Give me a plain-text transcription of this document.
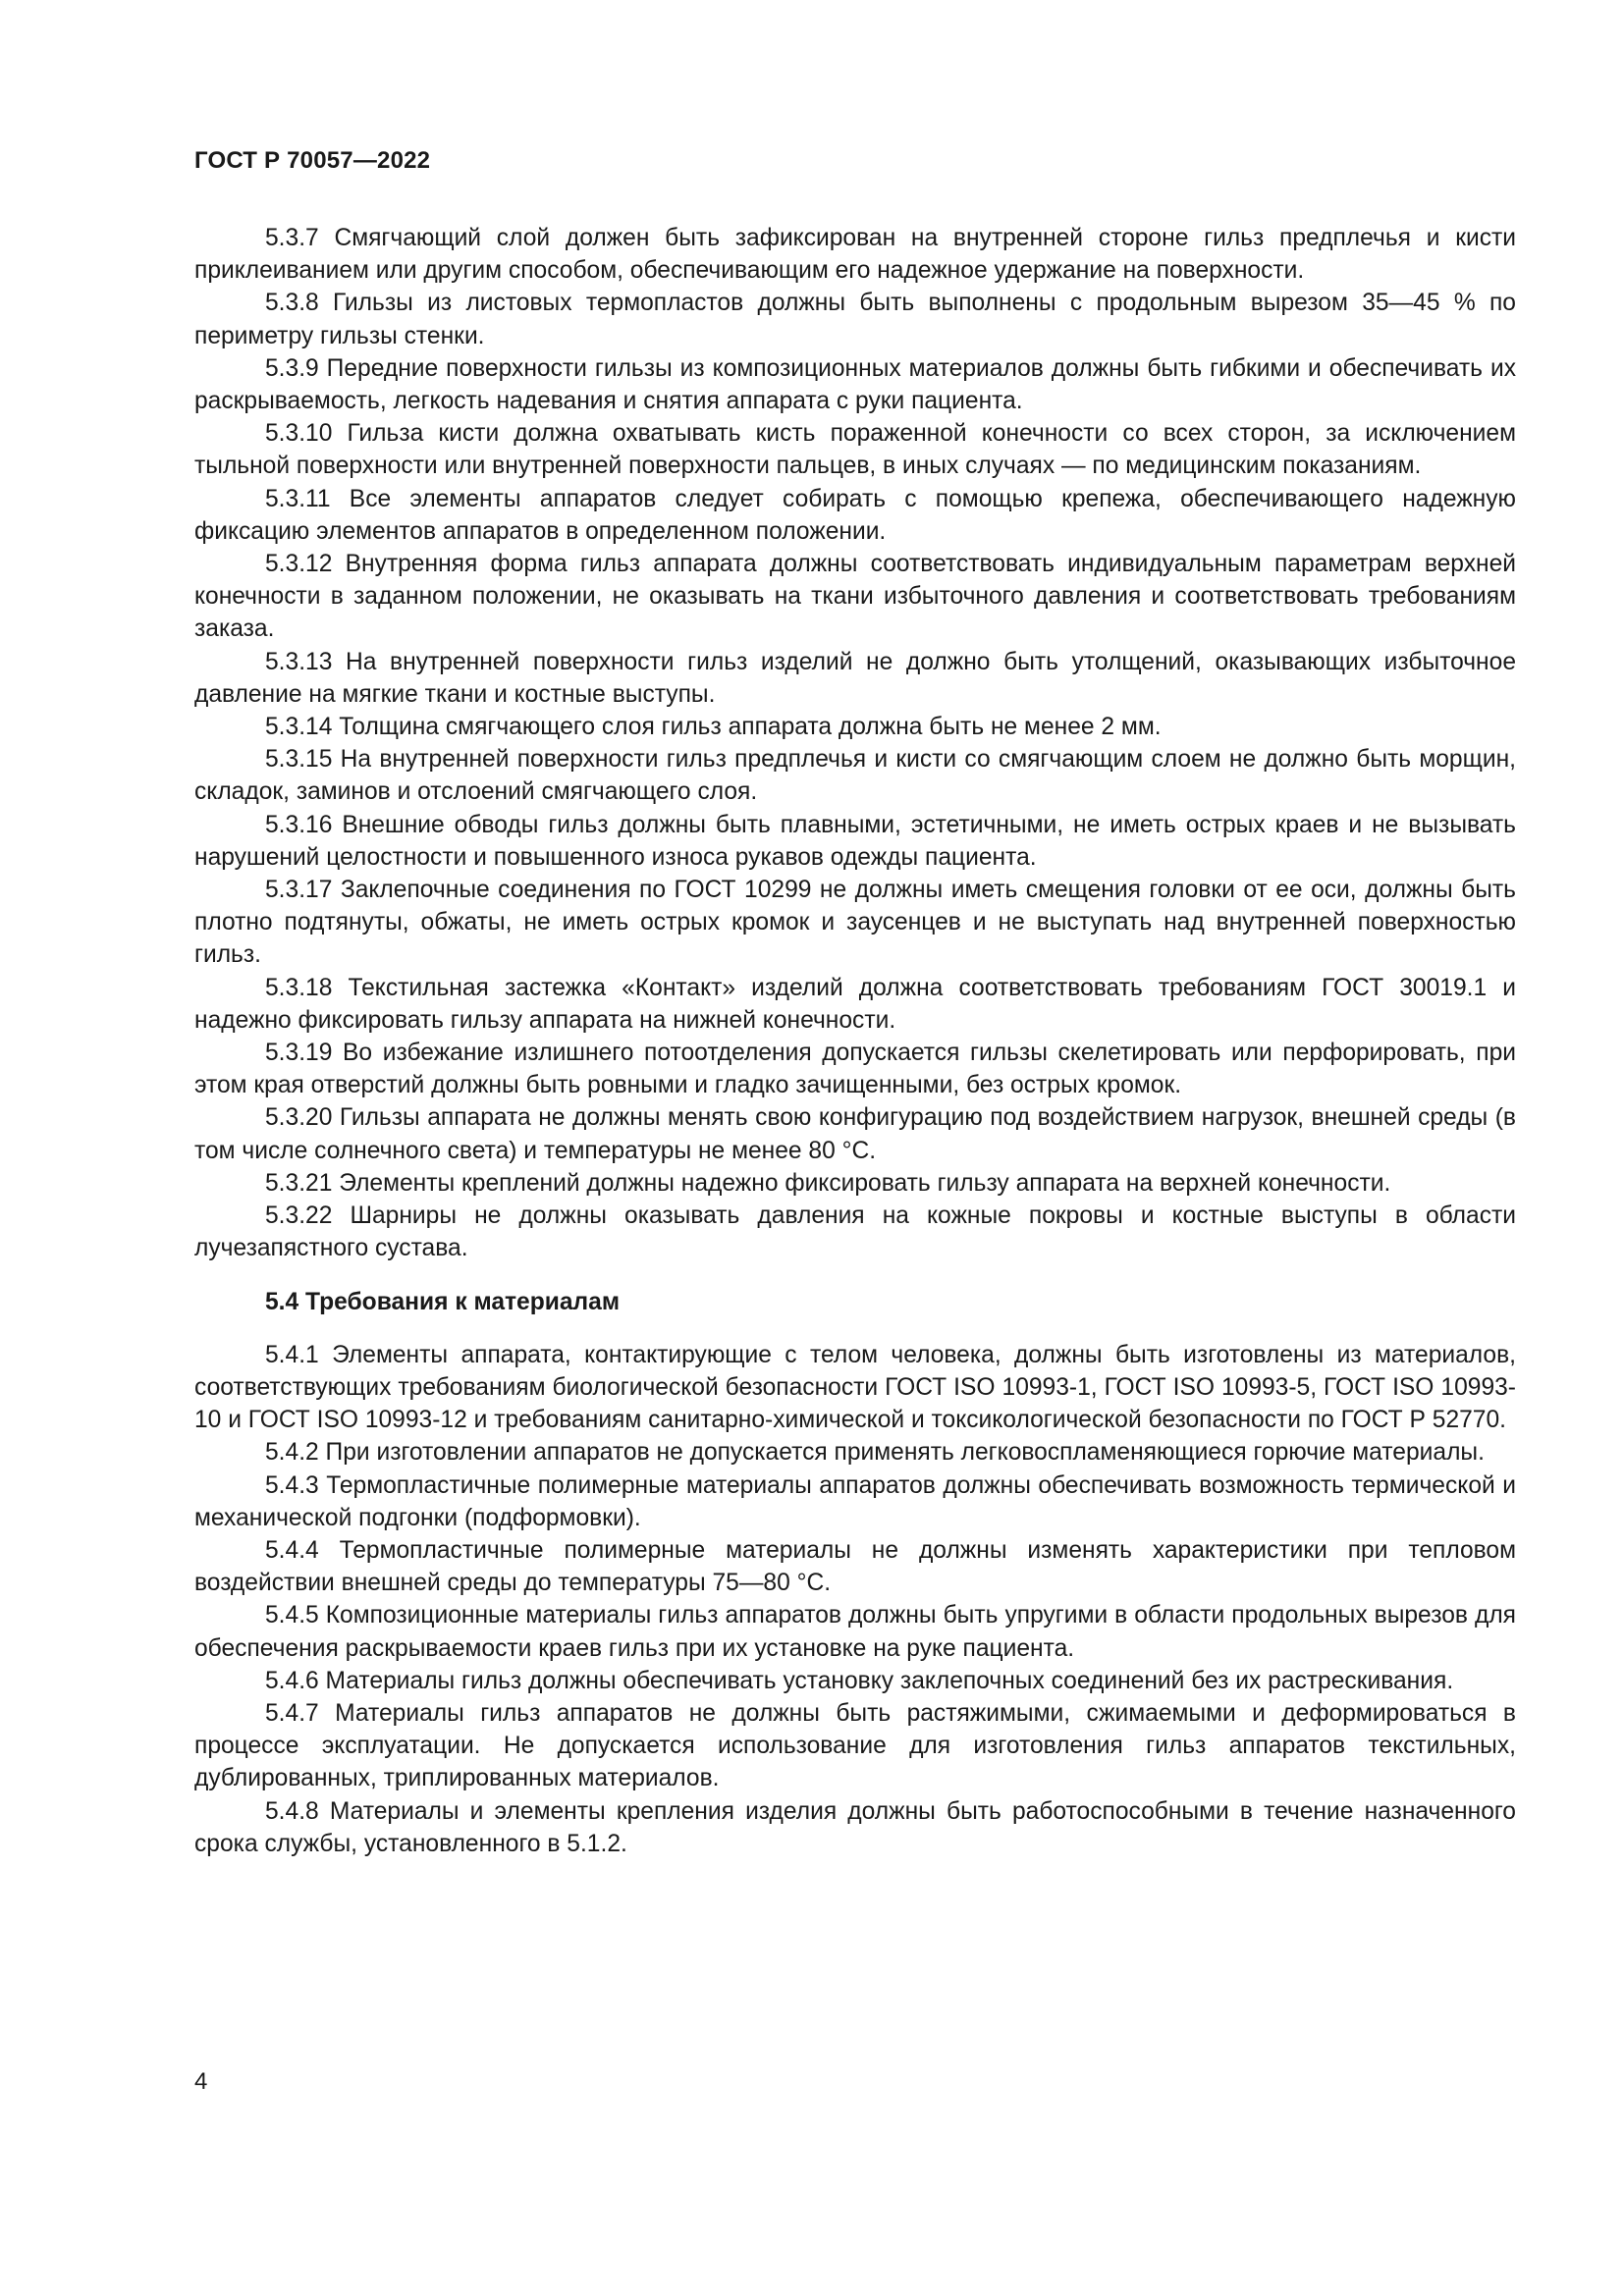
ГОСТ Р 70057—2022

5.3.7 Смягчающий слой должен быть зафиксирован на внутренней стороне гильз предплечья и кисти приклеиванием или другим способом, обеспечивающим его надежное удержание на поверхности.

5.3.8 Гильзы из листовых термопластов должны быть выполнены с продольным вырезом 35—45 % по периметру гильзы стенки.

5.3.9 Передние поверхности гильзы из композиционных материалов должны быть гибкими и обеспечивать их раскрываемость, легкость надевания и снятия аппарата с руки пациента.

5.3.10 Гильза кисти должна охватывать кисть пораженной конечности со всех сторон, за исключением тыльной поверхности или внутренней поверхности пальцев, в иных случаях — по медицинским показаниям.

5.3.11 Все элементы аппаратов следует собирать с помощью крепежа, обеспечивающего надежную фиксацию элементов аппаратов в определенном положении.

5.3.12 Внутренняя форма гильз аппарата должны соответствовать индивидуальным параметрам верхней конечности в заданном положении, не оказывать на ткани избыточного давления и соответствовать требованиям заказа.

5.3.13 На внутренней поверхности гильз изделий не должно быть утолщений, оказывающих избыточное давление на мягкие ткани и костные выступы.

5.3.14 Толщина смягчающего слоя гильз аппарата должна быть не менее 2 мм.

5.3.15 На внутренней поверхности гильз предплечья и кисти со смягчающим слоем не должно быть морщин, складок, заминов и отслоений смягчающего слоя.

5.3.16 Внешние обводы гильз должны быть плавными, эстетичными, не иметь острых краев и не вызывать нарушений целостности и повышенного износа рукавов одежды пациента.

5.3.17 Заклепочные соединения по ГОСТ 10299 не должны иметь смещения головки от ее оси, должны быть плотно подтянуты, обжаты, не иметь острых кромок и заусенцев и не выступать над внутренней поверхностью гильз.

5.3.18 Текстильная застежка «Контакт» изделий должна соответствовать требованиям ГОСТ 30019.1 и надежно фиксировать гильзу аппарата на нижней конечности.

5.3.19 Во избежание излишнего потоотделения допускается гильзы скелетировать или перфорировать, при этом края отверстий должны быть ровными и гладко зачищенными, без острых кромок.

5.3.20 Гильзы аппарата не должны менять свою конфигурацию под воздействием нагрузок, внешней среды (в том числе солнечного света) и температуры не менее 80 °С.

5.3.21 Элементы креплений должны надежно фиксировать гильзу аппарата на верхней конечности.

5.3.22 Шарниры не должны оказывать давления на кожные покровы и костные выступы в области лучезапястного сустава.

5.4 Требования к материалам

5.4.1 Элементы аппарата, контактирующие с телом человека, должны быть изготовлены из материалов, соответствующих требованиям биологической безопасности ГОСТ ISO 10993-1, ГОСТ ISO 10993-5, ГОСТ ISO 10993-10 и ГОСТ ISO 10993-12 и требованиям санитарно-химической и токсикологической безопасности по ГОСТ Р 52770.

5.4.2 При изготовлении аппаратов не допускается применять легковоспламеняющиеся горючие материалы.

5.4.3 Термопластичные полимерные материалы аппаратов должны обеспечивать возможность термической и механической подгонки (подформовки).

5.4.4 Термопластичные полимерные материалы не должны изменять характеристики при тепловом воздействии внешней среды до температуры 75—80 °С.

5.4.5 Композиционные материалы гильз аппаратов должны быть упругими в области продольных вырезов для обеспечения раскрываемости краев гильз при их установке на руке пациента.

5.4.6 Материалы гильз должны обеспечивать установку заклепочных соединений без их растрескивания.

5.4.7 Материалы гильз аппаратов не должны быть растяжимыми, сжимаемыми и деформироваться в процессе эксплуатации. Не допускается использование для изготовления гильз аппаратов текстильных, дублированных, триплированных материалов.

5.4.8 Материалы и элементы крепления изделия должны быть работоспособными в течение назначенного срока службы, установленного в 5.1.2.

4
